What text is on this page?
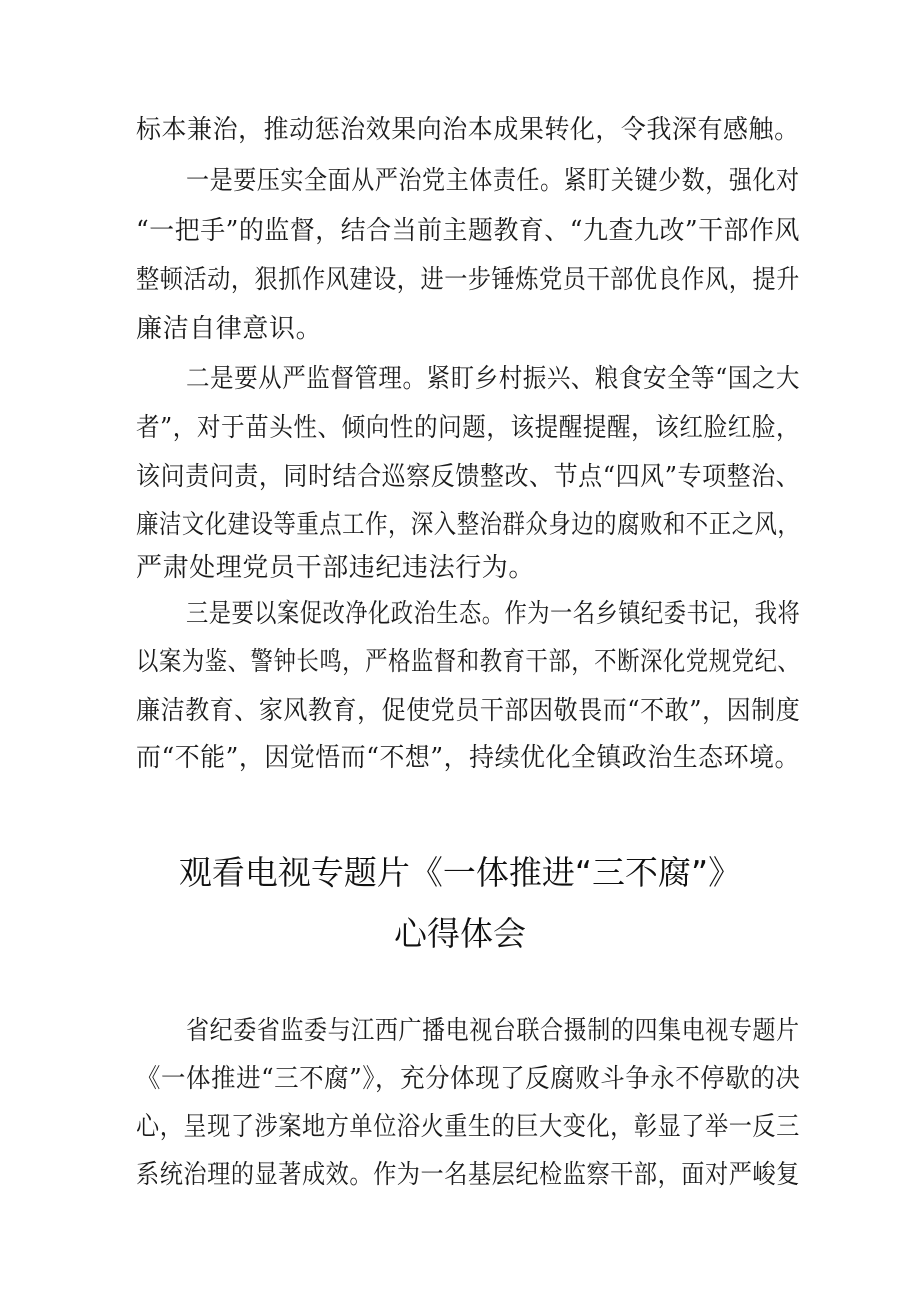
标本兼治，推动惩治效果向治本成果转化，令我深有感触。
一是要压实全面从严治党主体责任。紧盯关键少数，强化对
“一把手”的监督，结合当前主题教育、“九查九改”干部作风
整顿活动，狠抓作风建设，进一步锤炼党员干部优良作风，提升
廉洁自律意识。
二是要从严监督管理。紧盯乡村振兴、粮食安全等“国之大
者”，对于苗头性、倾向性的问题，该提醒提醒，该红脸红脸，
该问责问责，同时结合巡察反馈整改、节点“四风”专项整治、
廉洁文化建设等重点工作，深入整治群众身边的腐败和不正之风，
严肃处理党员干部违纪违法行为。
三是要以案促改净化政治生态。作为一名乡镇纪委书记，我将
以案为鉴、警钟长鸣，严格监督和教育干部，不断深化党规党纪、
廉洁教育、家风教育，促使党员干部因敬畏而“不敢”，因制度
而“不能”，因觉悟而“不想”，持续优化全镇政治生态环境。
观看电视专题片《一体推进“三不腐”》
心得体会
省纪委省监委与江西广播电视台联合摄制的四集电视专题片
《一体推进“三不腐”》，充分体现了反腐败斗争永不停歇的决
心，呈现了涉案地方单位浴火重生的巨大变化，彰显了举一反三
系统治理的显著成效。作为一名基层纪检监察干部，面对严峻复
